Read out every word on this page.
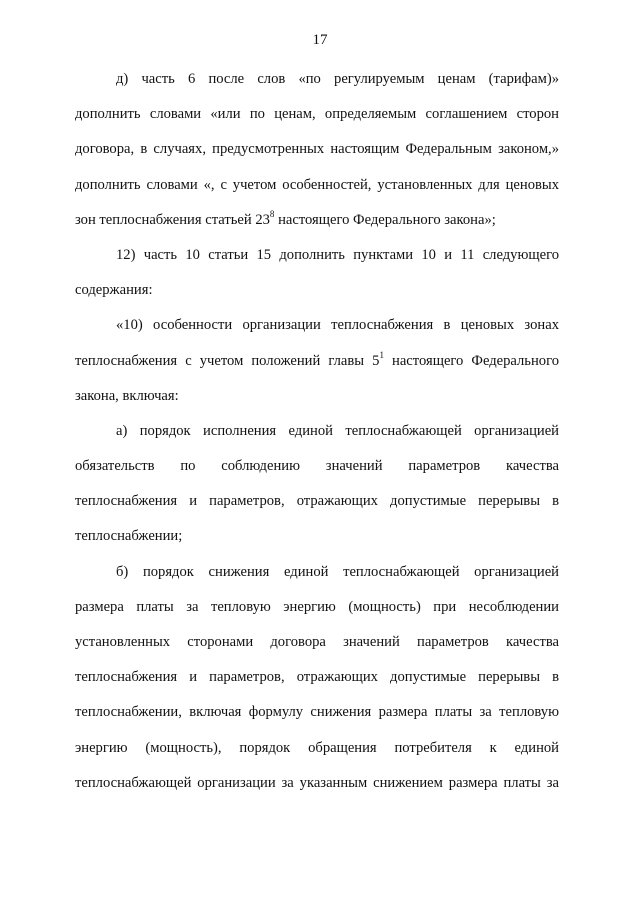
17
д) часть 6 после слов «по регулируемым ценам (тарифам)»
дополнить словами «или по ценам, определяемым соглашением сторон
договора, в случаях, предусмотренных настоящим Федеральным законом,»
дополнить словами «, с учетом особенностей, установленных для ценовых
зон теплоснабжения статьей $23^8$ настоящего Федерального закона»;
12) часть 10 статьи 15 дополнить пунктами 10 и 11 следующего
содержания:
«10) особенности организации теплоснабжения в ценовых зонах
теплоснабжения с учетом положений главы $5^1$ настоящего Федерального
закона, включая:
а) порядок исполнения единой теплоснабжающей организацией
обязательств по соблюдению значений параметров качества
теплоснабжения и параметров, отражающих допустимые перерывы в
теплоснабжении;
б) порядок снижения единой теплоснабжающей организацией
размера платы за тепловую энергию (мощность) при несоблюдении
установленных сторонами договора значений параметров качества
теплоснабжения и параметров, отражающих допустимые перерывы в
теплоснабжении, включая формулу снижения размера платы за тепловую
энергию (мощность), порядок обращения потребителя к единой
теплоснабжающей организации за указанным снижением размера платы за
